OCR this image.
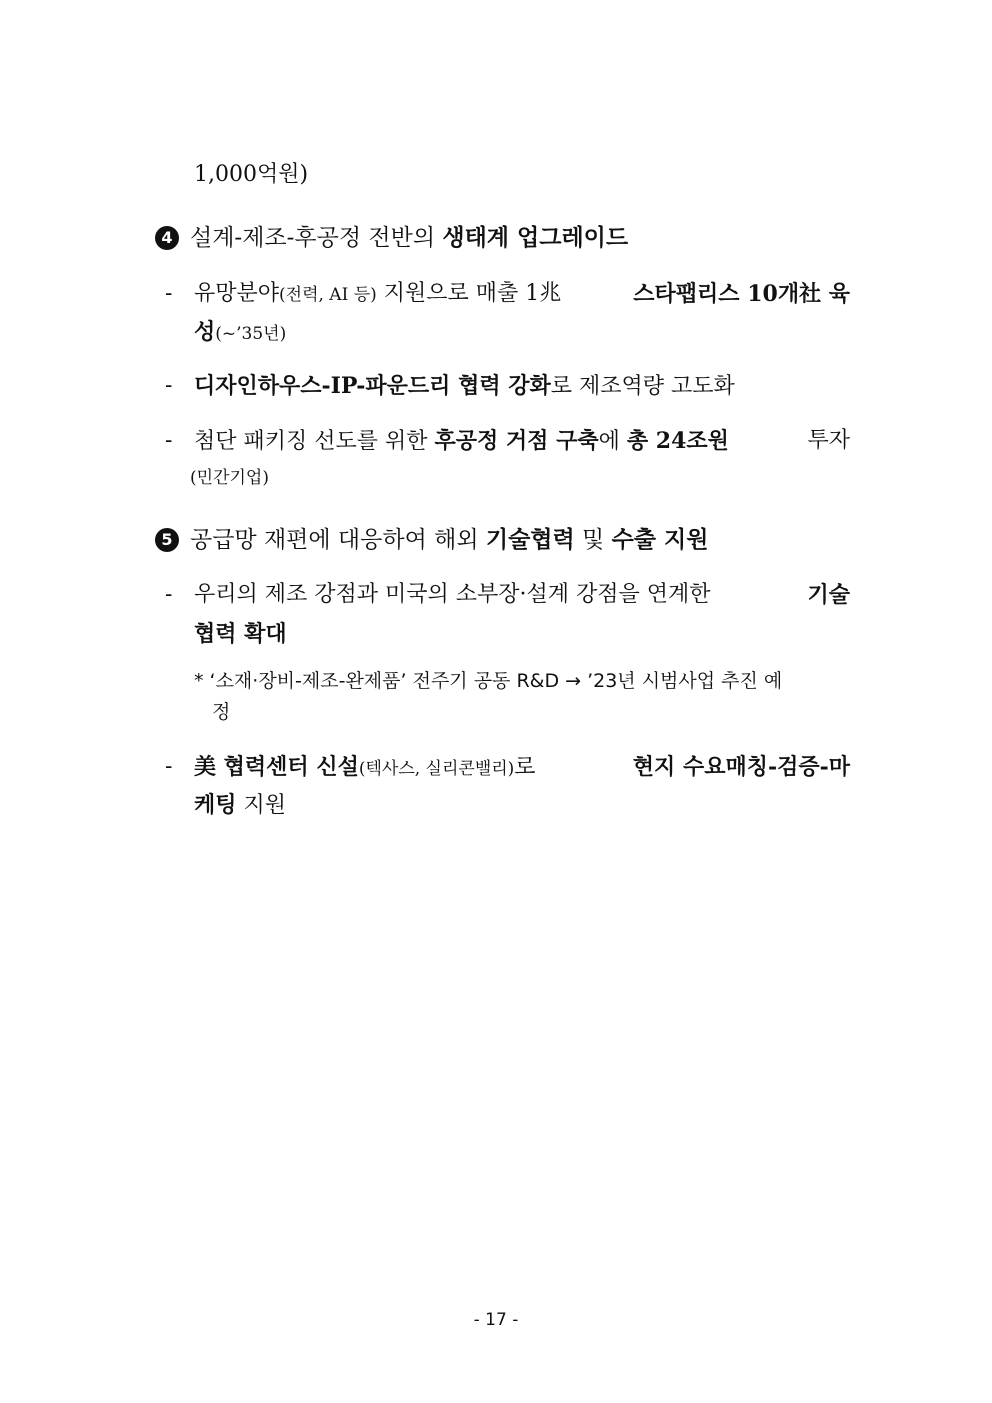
1,000억원)
4 설계-제조-후공정 전반의 생태계 업그레이드
- 유망분야(전력, AI 등) 지원으로 매출 1兆	스타팹리스 10개社 육
성(~’35년)
- 디자인하우스-IP-파운드리 협력 강화로 제조역량 고도화
- 첨단 패키징 선도를 위한 후공정 거점 구축에 총 24조원	투자
(민간기업)
5 공급망 재편에 대응하여 해외 기술협력 및 수출 지원
- 우리의 제조 강점과 미국의 소부장·설계 강점을 연계한	기술
협력 확대
* ‘소재·장비-제조-완제품’ 전주기 공동 R&D → ’23년 시범사업 추진 예
정
- 美 협력센터 신설(텍사스, 실리콘밸리)로	현지 수요매칭-검증-마
케팅 지원
- 17 -
